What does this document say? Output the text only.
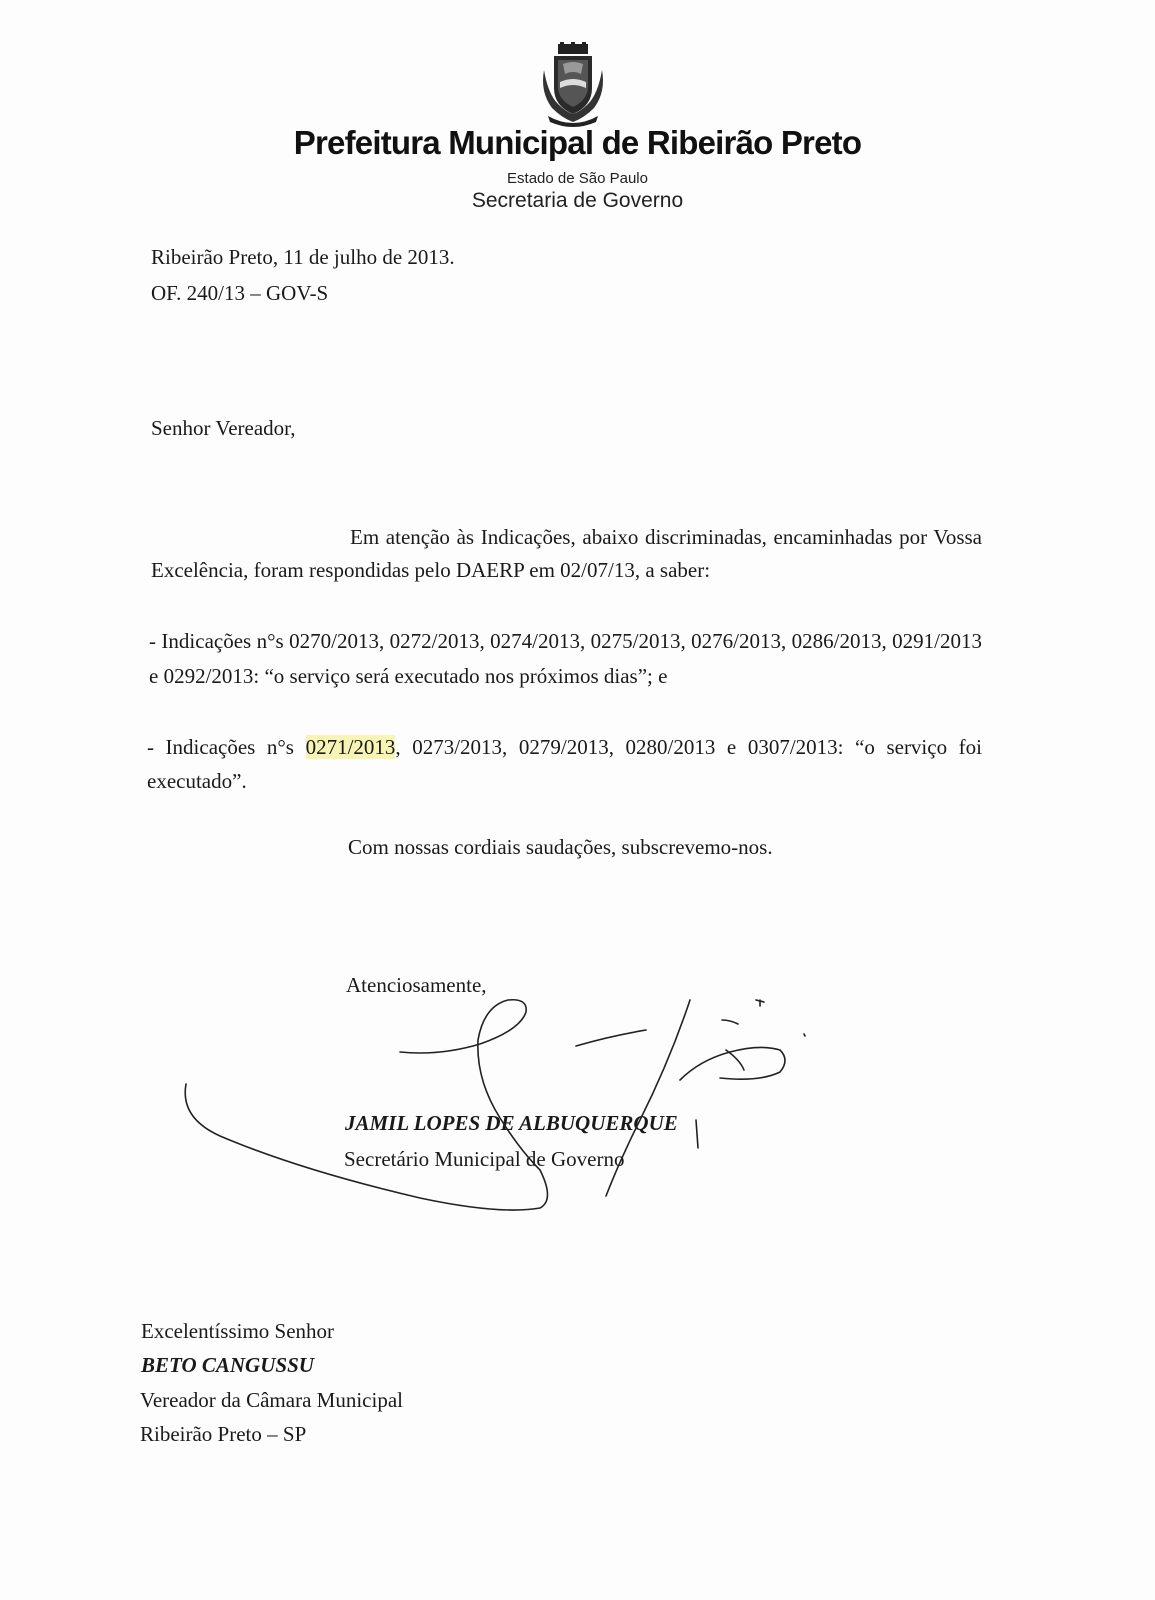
Prefeitura Municipal de Ribeirão Preto
Estado de São Paulo
Secretaria de Governo
Ribeirão Preto, 11 de julho de 2013.
OF. 240/13 – GOV-S
Senhor Vereador,
Em atenção às Indicações, abaixo discriminadas, encaminhadas por Vossa Excelência, foram respondidas pelo DAERP em 02/07/13, a saber:
- Indicações n°s 0270/2013, 0272/2013, 0274/2013, 0275/2013, 0276/2013, 0286/2013, 0291/2013 e 0292/2013: “o serviço será executado nos próximos dias”; e
- Indicações n°s 0271/2013, 0273/2013, 0279/2013, 0280/2013 e 0307/2013: “o serviço foi executado”.
Com nossas cordiais saudações, subscrevemo-nos.
Atenciosamente,
JAMIL LOPES DE ALBUQUERQUE
Secretário Municipal de Governo
Excelentíssimo Senhor
BETO CANGUSSU
Vereador da Câmara Municipal
Ribeirão Preto – SP
